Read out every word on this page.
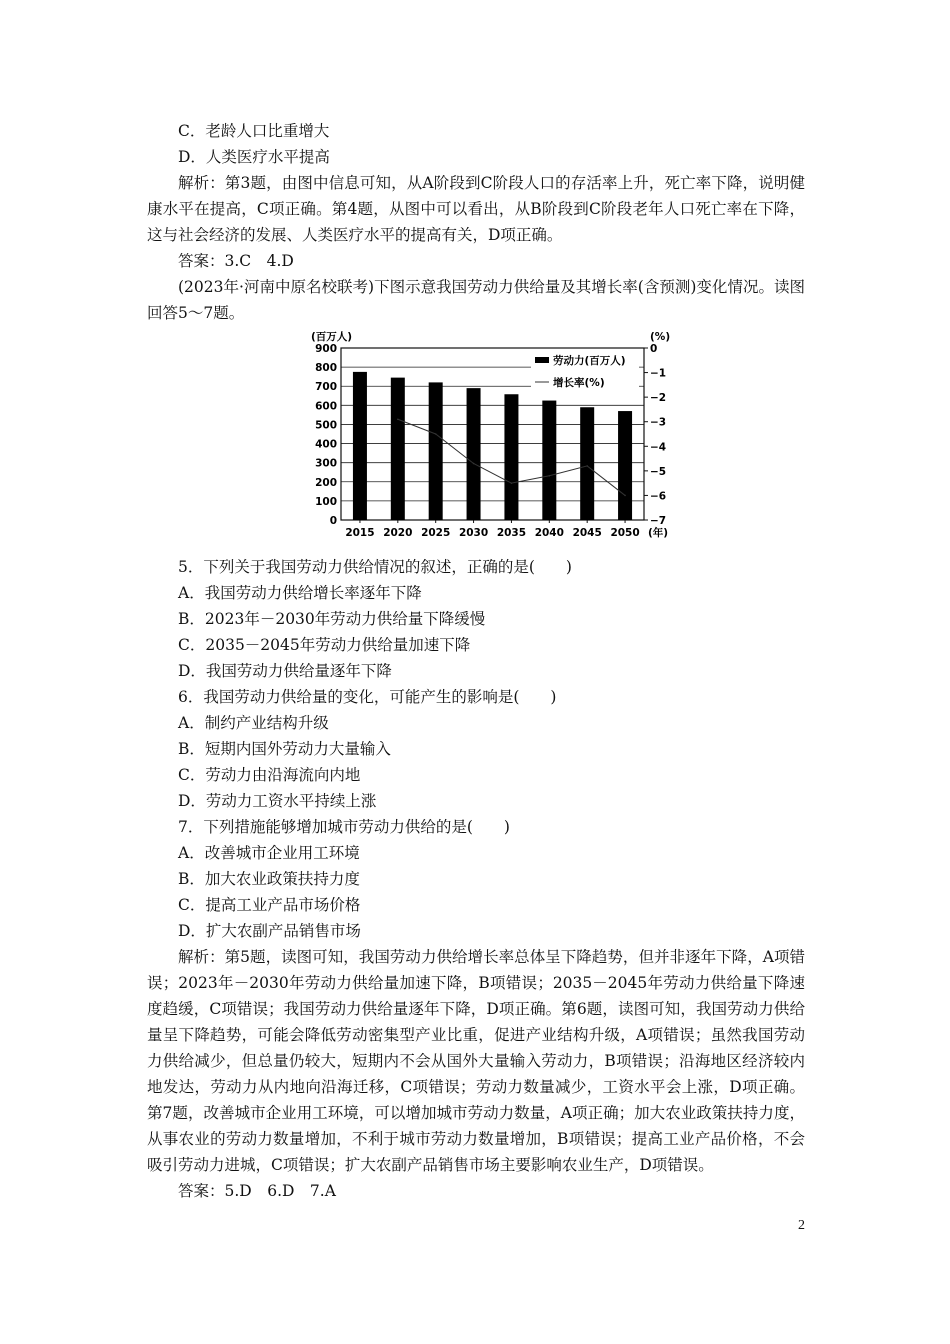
C．老龄人口比重增大
D．人类医疗水平提高
解析：第3题，由图中信息可知，从A阶段到C阶段人口的存活率上升，死亡率下降，说明健康水平在提高，C项正确。第4题，从图中可以看出，从B阶段到C阶段老年人口死亡率在下降，这与社会经济的发展、人类医疗水平的提高有关，D项正确。
答案：3.C　4.D
(2023年·河南中原名校联考)下图示意我国劳动力供给量及其增长率(含预测)变化情况。读图回答5～7题。
900
800
700
600
500
400
300
200
100
0
0
−1
−2
−3
−4
−5
−6
−7
(百万人)	(%)
2015 2020 2025 2030 2035 2040 2045 2050 (年)
劳动力(百万人)
增长率(%)
5．下列关于我国劳动力供给情况的叙述，正确的是(　　)
A．我国劳动力供给增长率逐年下降
B．2023年－2030年劳动力供给量下降缓慢
C．2035－2045年劳动力供给量加速下降
D．我国劳动力供给量逐年下降
6．我国劳动力供给量的变化，可能产生的影响是(　　)
A．制约产业结构升级
B．短期内国外劳动力大量输入
C．劳动力由沿海流向内地
D．劳动力工资水平持续上涨
7．下列措施能够增加城市劳动力供给的是(　　)
A．改善城市企业用工环境
B．加大农业政策扶持力度
C．提高工业产品市场价格
D．扩大农副产品销售市场
解析：第5题，读图可知，我国劳动力供给增长率总体呈下降趋势，但并非逐年下降，A项错误；2023年－2030年劳动力供给量加速下降，B项错误；2035－2045年劳动力供给量下降速度趋缓，C项错误；我国劳动力供给量逐年下降，D项正确。第6题，读图可知，我国劳动力供给量呈下降趋势，可能会降低劳动密集型产业比重，促进产业结构升级，A项错误；虽然我国劳动力供给减少，但总量仍较大，短期内不会从国外大量输入劳动力，B项错误；沿海地区经济较内地发达，劳动力从内地向沿海迁移，C项错误；劳动力数量减少，工资水平会上涨，D项正确。第7题，改善城市企业用工环境，可以增加城市劳动力数量，A项正确；加大农业政策扶持力度，从事农业的劳动力数量增加，不利于城市劳动力数量增加，B项错误；提高工业产品价格，不会吸引劳动力进城，C项错误；扩大农副产品销售市场主要影响农业生产，D项错误。
答案：5.D　6.D　7.A
2
